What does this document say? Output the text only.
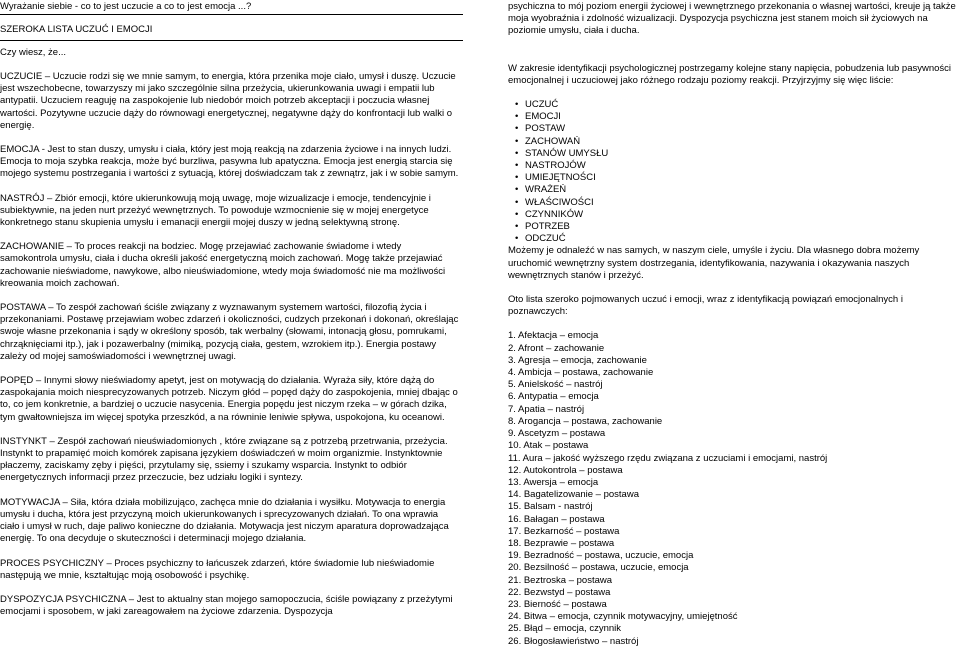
Wyrażanie siebie - co to jest uczucie a co to jest emocja ...?

SZEROKA LISTA UCZUĆ I EMOCJI

Czy wiesz, że...

UCZUCIE – Uczucie rodzi się we mnie samym, to energia, która przenika moje ciało, umysł i duszę. Uczucie jest wszechobecne, towarzyszy mi jako szczególnie silna przeżycia, ukierunkowania uwagi i empatii lub antypatii. Uczuciem reaguję na zaspokojenie lub niedobór moich potrzeb akceptacji i poczucia własnej wartości. Pozytywne uczucie dąży do równowagi energetycznej, negatywne dąży do konfrontacji lub walki o energię.

EMOCJA - Jest to stan duszy, umysłu i ciała, który jest moją reakcją na zdarzenia życiowe i na innych ludzi. Emocja to moja szybka reakcja, może być burzliwa, pasywna lub apatyczna. Emocja jest energią starcia się mojego systemu postrzegania i wartości z sytuacją, której doświadczam tak z zewnątrz, jak i w sobie samym.

NASTRÓJ – Zbiór emocji, które ukierunkowują moją uwagę, moje wizualizacje i emocje, tendencyjnie i subiektywnie, na jeden nurt przeżyć wewnętrznych. To powoduje wzmocnienie się w mojej energetyce konkretnego stanu skupienia umysłu i emanacji energii mojej duszy w jedną selektywną stronę.

ZACHOWANIE – To proces reakcji na bodziec. Mogę przejawiać zachowanie świadome i wtedy samokontrola umysłu, ciała i ducha określi jakość energetyczną moich zachowań. Mogę także przejawiać zachowanie nieświadome, nawykowe, albo nieuświadomione, wtedy moja świadomość nie ma możliwości kreowania moich zachowań.

POSTAWA – To zespół zachowań ściśle związany z wyznawanym systemem wartości, filozofią życia i przekonaniami. Postawę przejawiam wobec zdarzeń i okoliczności, cudzych przekonań i dokonań, określając swoje własne przekonania i sądy w określony sposób, tak werbalny (słowami, intonacją głosu, pomrukami, chrząknięciami itp.), jak i pozawerbalny (mimiką, pozycją ciała, gestem, wzrokiem itp.). Energia postawy zależy od mojej samoświadomości i wewnętrznej uwagi.

POPĘD – Innymi słowy nieświadomy apetyt, jest on motywacją do działania. Wyraża siły, które dążą do zaspokajania moich niesprecyzowanych potrzeb. Niczym głód – popęd dąży do zaspokojenia, mniej dbając o to, co jem konkretnie, a bardziej o uczucie nasycenia. Energia popędu jest niczym rzeka – w górach dzika, tym gwałtowniejsza im więcej spotyka przeszkód, a na równinie leniwie spływa, uspokojona, ku oceanowi.

INSTYNKT – Zespół zachowań nieuświadomionych , które związane są z potrzebą przetrwania, przeżycia. Instynkt to prapamięć moich komórek zapisana językiem doświadczeń w moim organizmie. Instynktownie płaczemy, zaciskamy zęby i pięści, przytulamy się, ssiemy i szukamy wsparcia. Instynkt to odbiór energetycznych informacji przez przeczucie, bez udziału logiki i syntezy.

MOTYWACJA – Siła, która działa mobilizująco, zachęca mnie do działania i wysiłku. Motywacja to energia umysłu i ducha, która jest przyczyną moich ukierunkowanych i sprecyzowanych działań. To ona wprawia ciało i umysł w ruch, daje paliwo konieczne do działania. Motywacja jest niczym aparatura doprowadzająca energię. To ona decyduje o skuteczności i determinacji mojego działania.

PROCES PSYCHICZNY – Proces psychiczny to łańcuszek zdarzeń, które świadomie lub nieświadomie następują we mnie, kształtując moją osobowość i psychikę.

DYSPOZYCJA PSYCHICZNA – Jest to aktualny stan mojego samopoczucia, ściśle powiązany z przeżytymi emocjami i sposobem, w jaki zareagowałem na życiowe zdarzenia. Dyspozycja

psychiczna to mój poziom energii życiowej i wewnętrznego przekonania o własnej wartości, kreuje ją także moja wyobraźnia i zdolność wizualizacji. Dyspozycja psychiczna jest stanem moich sił życiowych na poziomie umysłu, ciała i ducha.

W zakresie identyfikacji psychologicznej postrzegamy kolejne stany napięcia, pobudzenia lub pasywności emocjonalnej i uczuciowej jako różnego rodzaju poziomy reakcji. Przyjrzyjmy się więc liście:

• UCZUĆ
• EMOCJI
• POSTAW
• ZACHOWAŃ
• STANÓW UMYSŁU
• NASTROJÓW
• UMIEJĘTNOŚCI
• WRAŻEŃ
• WŁAŚCIWOŚCI
• CZYNNIKÓW
• POTRZEB
• ODCZUĆ

Możemy je odnaleźć w nas samych, w naszym ciele, umyśle i życiu. Dla własnego dobra możemy uruchomić wewnętrzny system dostrzegania, identyfikowania, nazywania i okazywania naszych wewnętrznych stanów i przeżyć.

Oto lista szeroko pojmowanych uczuć i emocji, wraz z identyfikacją powiązań emocjonalnych i poznawczych:

1. Afektacja – emocja
2. Afront – zachowanie
3. Agresja – emocja, zachowanie
4. Ambicja – postawa, zachowanie
5. Anielskość – nastrój
6. Antypatia – emocja
7. Apatia – nastrój
8. Arogancja – postawa, zachowanie
9. Ascetyzm – postawa
10. Atak – postawa
11. Aura – jakość wyższego rzędu związana z uczuciami i emocjami, nastrój
12. Autokontrola – postawa
13. Awersja – emocja
14. Bagatelizowanie – postawa
15. Balsam - nastrój
16. Bałagan – postawa
17. Bezkarność – postawa
18. Bezprawie – postawa
19. Bezradność – postawa, uczucie, emocja
20. Bezsilność – postawa, uczucie, emocja
21. Beztroska – postawa
22. Bezwstyd – postawa
23. Bierność – postawa
24. Bitwa – emocja, czynnik motywacyjny, umiejętność
25. Błąd – emocja, czynnik
26. Błogosławieństwo – nastrój
